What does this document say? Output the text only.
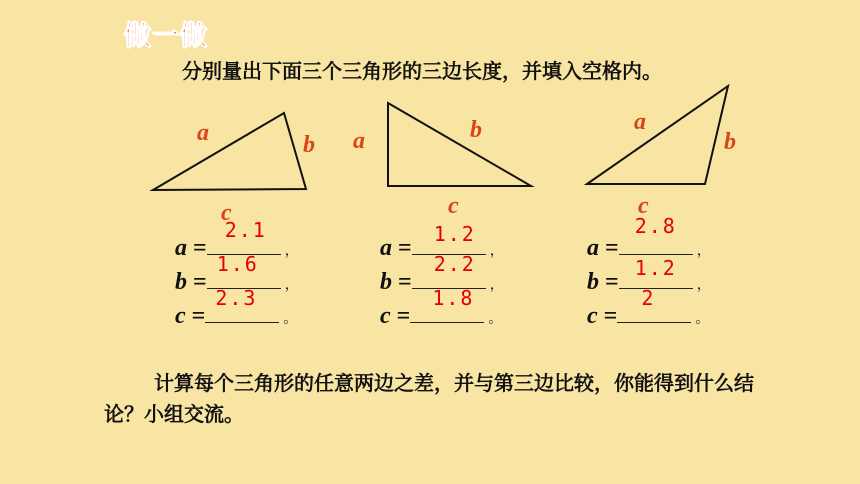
做一做
分别量出下面三个三角形的三边长度，并填入空格内。
a	b
c
a	b
c
a
b
c
a =
2.1
，
b =
1.6
，
c =
2.3
。
a =
1.2
，
b =
2.2
，
c =
1.8
。
a =
2.8
，
b =
1.2
，
c =
2
。
计算每个三角形的任意两边之差，并与第三边比较，你能得到什么结论？小组交流。
